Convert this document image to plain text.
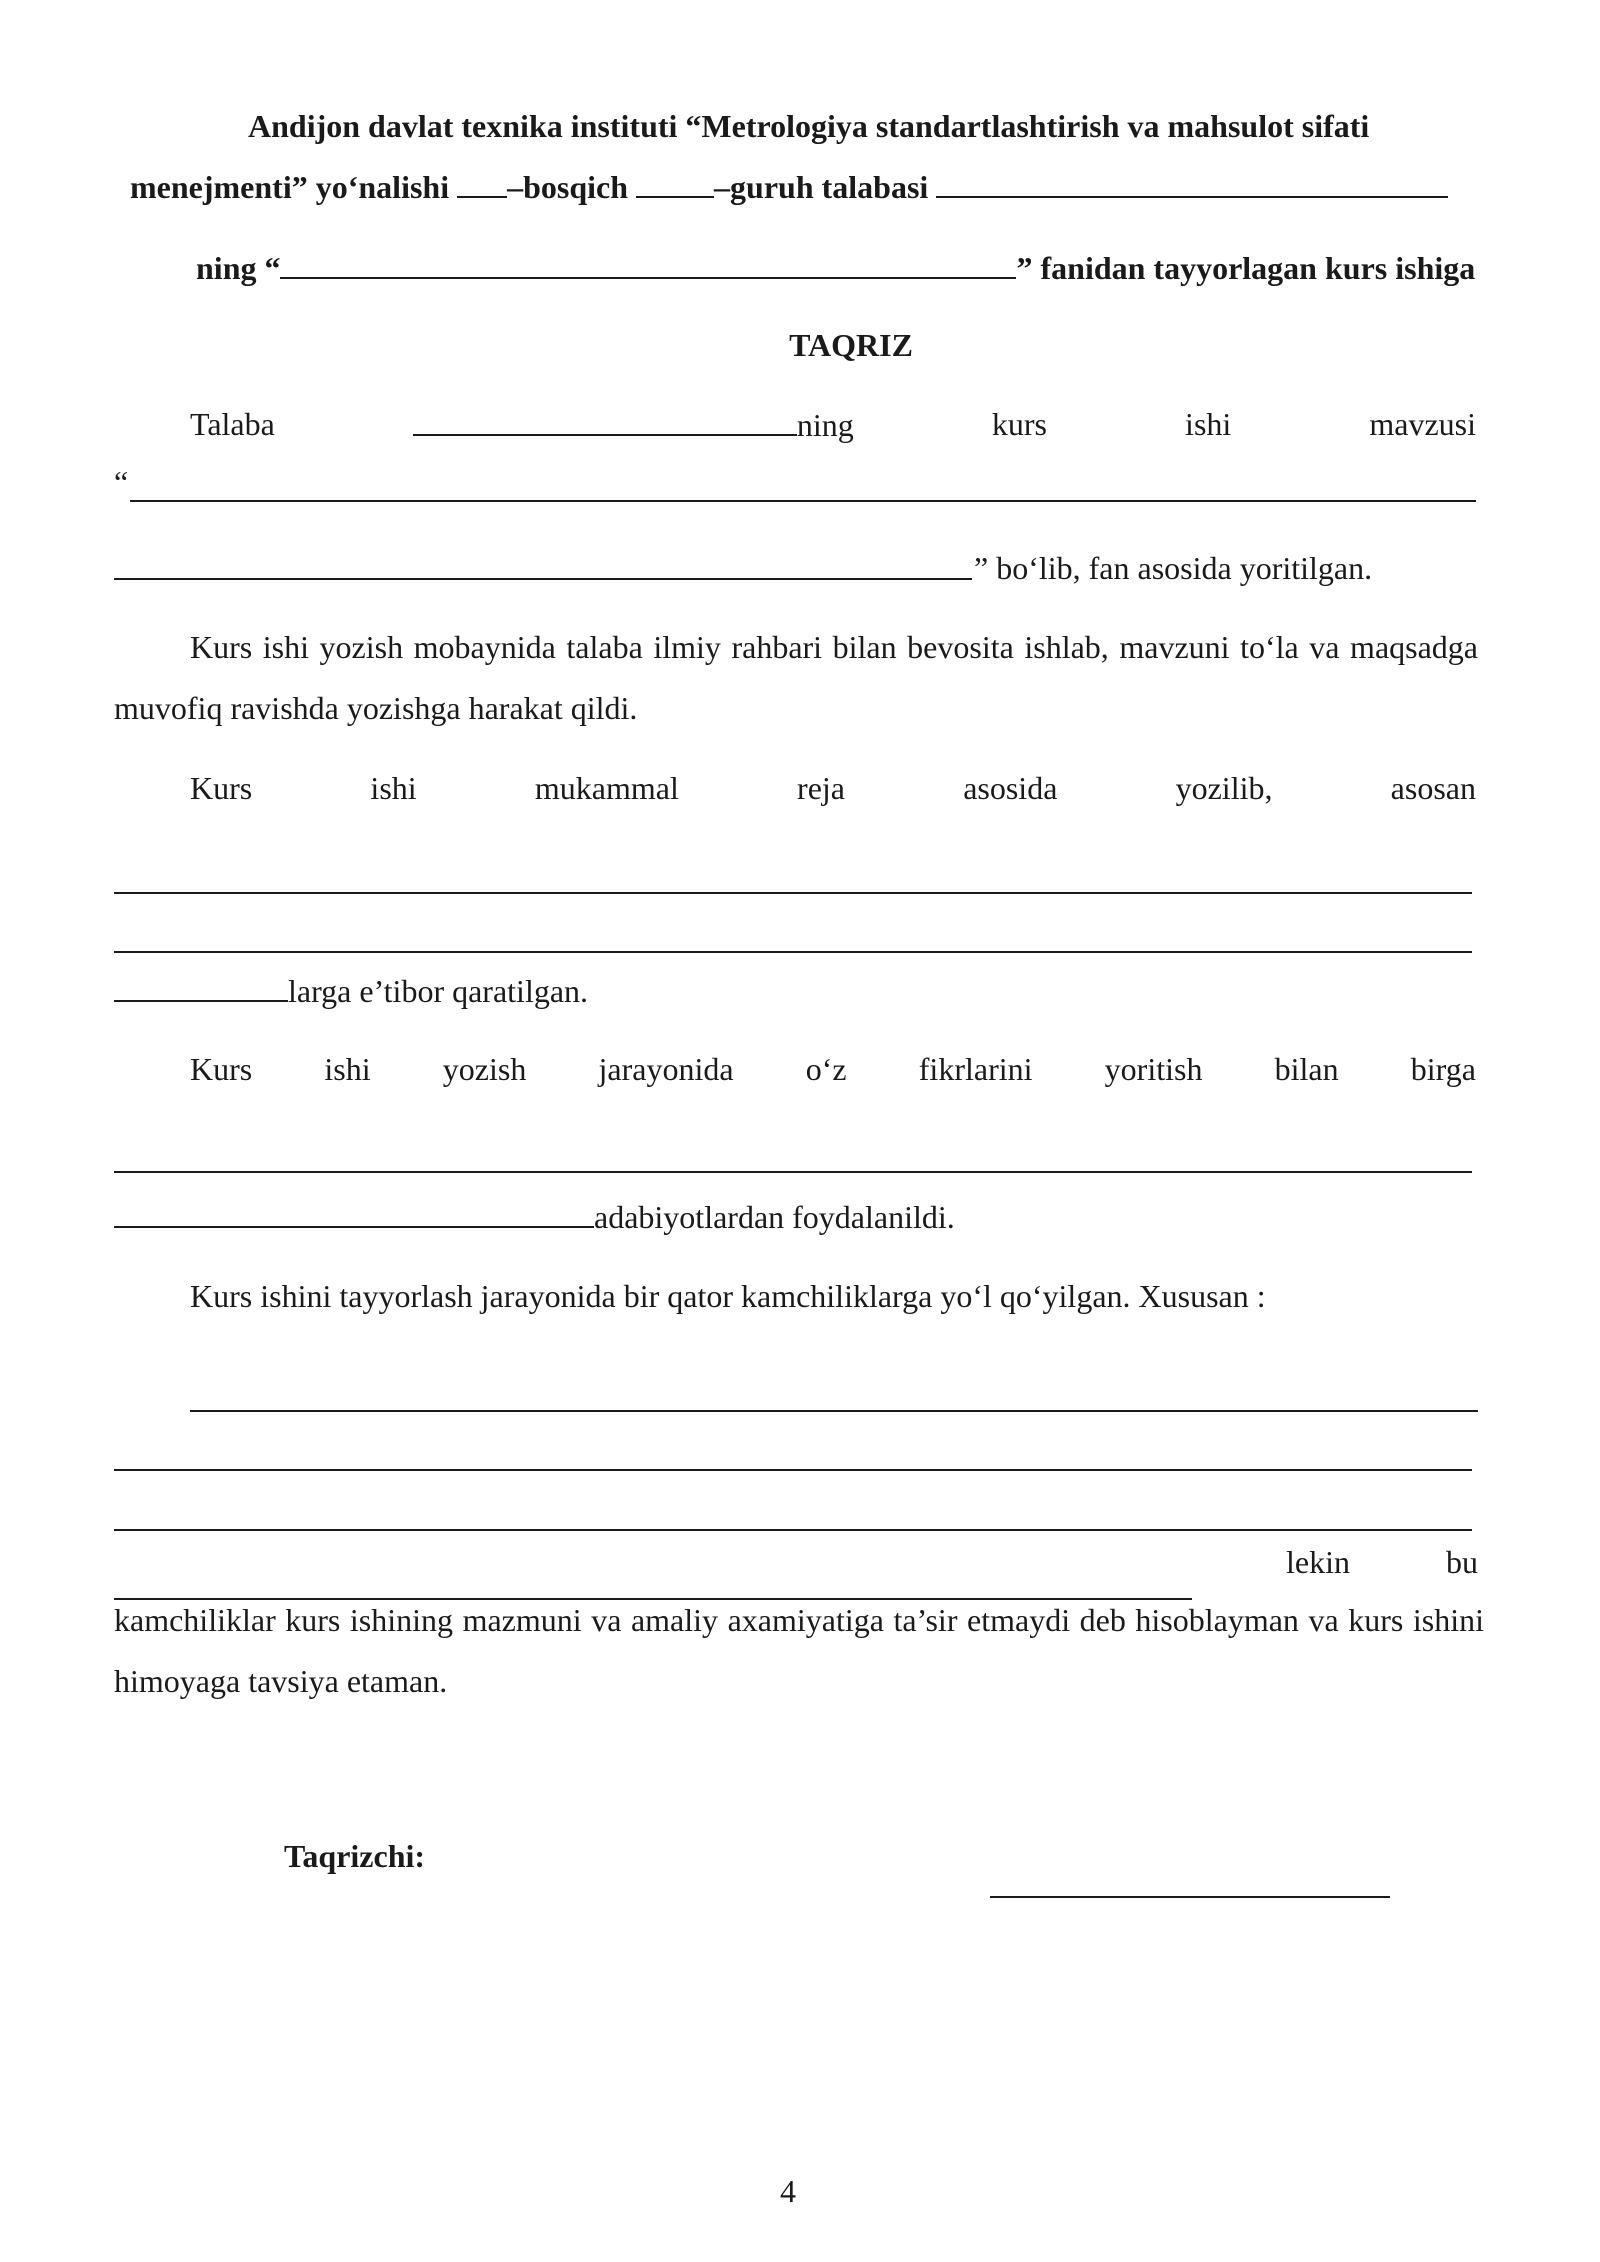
Andijon davlat texnika instituti “Metrologiya standartlashtirish va mahsulot sifati
menejmenti” yo‘nalishi –bosqich	–guruh talabasi
ning “	” fanidan tayyorlagan kurs ishiga
TAQRIZ
Talaba	ning	kurs	ishi	mavzusi
“
” bo‘lib, fan asosida yoritilgan.
Kurs ishi yozish mobaynida talaba ilmiy rahbari bilan bevosita ishlab, mavzuni to‘la va maqsadga muvofiq ravishda yozishga harakat qildi.
Kurs	ishi	mukammal	reja	asosida	yozilib,	asosan
larga e’tibor qaratilgan.
Kurs ishi yozish jarayonida o‘z fikrlarini yoritish bilan birga
adabiyotlardan foydalanildi.
Kurs ishini tayyorlash jarayonida bir qator kamchiliklarga yo‘l qo‘yilgan. Xususan :
lekin	bu
kamchiliklar kurs ishining mazmuni va amaliy axamiyatiga ta’sir etmaydi deb hisoblayman va kurs ishini himoyaga tavsiya etaman.
Taqrizchi:
4
